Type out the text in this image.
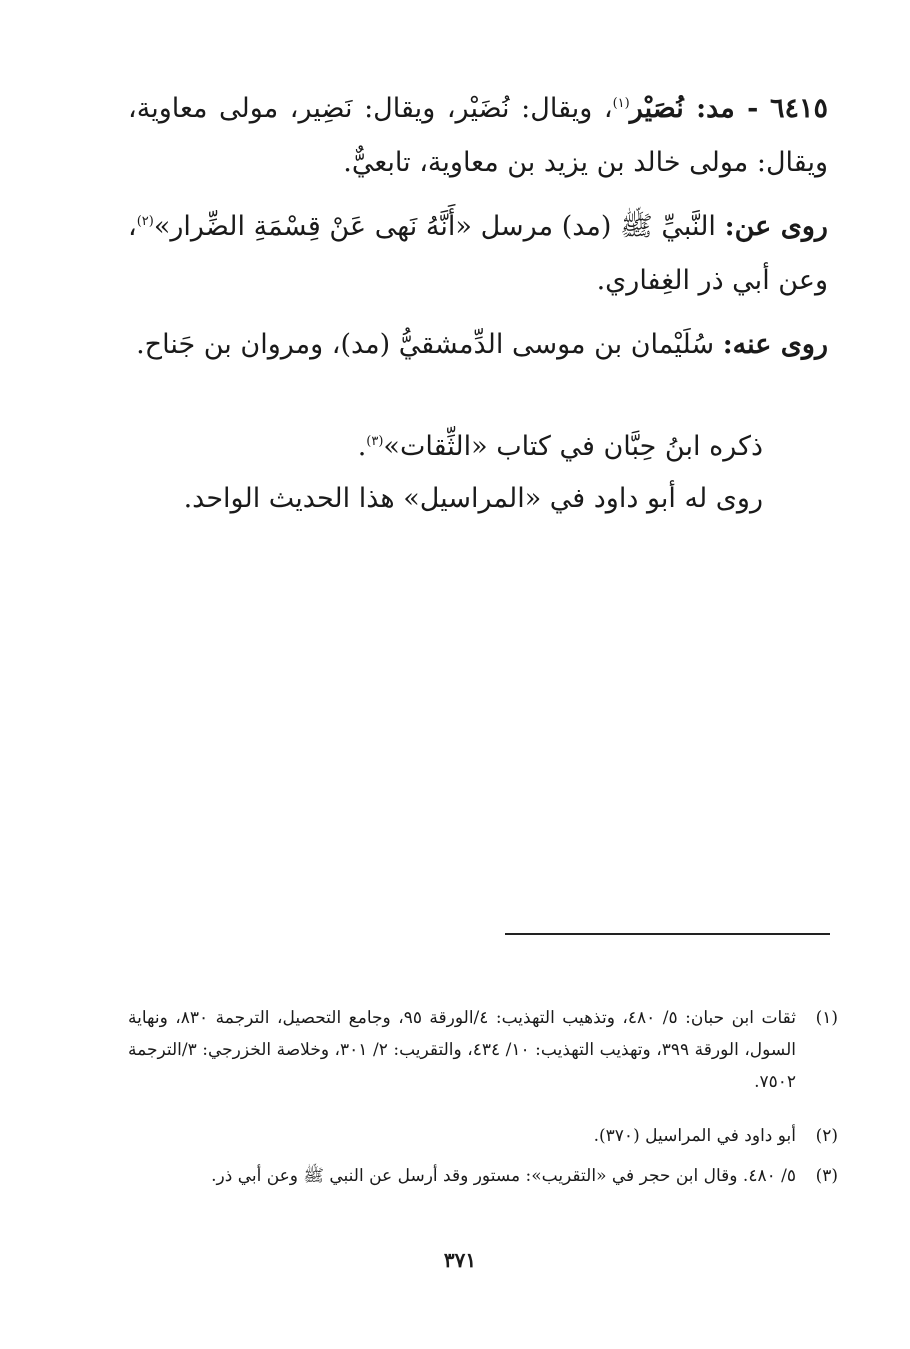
٦٤١٥ - مد: نُصَيْر$^{(١)}$، ويقال: نُضَيْر، ويقال: نَضِير، مولى معاوية، ويقال: مولى خالد بن يزيد بن معاوية، تابعيٌّ.

روى عن: النَّبيِّ ﷺ (مد) مرسل «أَنَّهُ نَهى عَنْ قِسْمَةِ الضِّرار»$^{(٢)}$، وعن أبي ذر الغِفاري.

روى عنه: سُلَيْمان بن موسى الدِّمشقيُّ (مد)، ومروان بن جَناح.

ذكره ابنُ حِبَّان في كتاب «الثِّقات»$^{(٣)}$.

روى له أبو داود في «المراسيل» هذا الحديث الواحد.

(١)
ثقات ابن حبان: ٥/ ٤٨٠، وتذهيب التهذيب: ٤/الورقة ٩٥، وجامع التحصيل، الترجمة ٨٣٠، ونهاية السول، الورقة ٣٩٩، وتهذيب التهذيب: ١٠/ ٤٣٤، والتقريب: ٢/ ٣٠١، وخلاصة الخزرجي: ٣/الترجمة ٧٥٠٢.
(٢)
أبو داود في المراسيل (٣٧٠).
(٣)
٥/ ٤٨٠. وقال ابن حجر في «التقريب»: مستور وقد أرسل عن النبي ﷺ وعن أبي ذر.
٣٧١
